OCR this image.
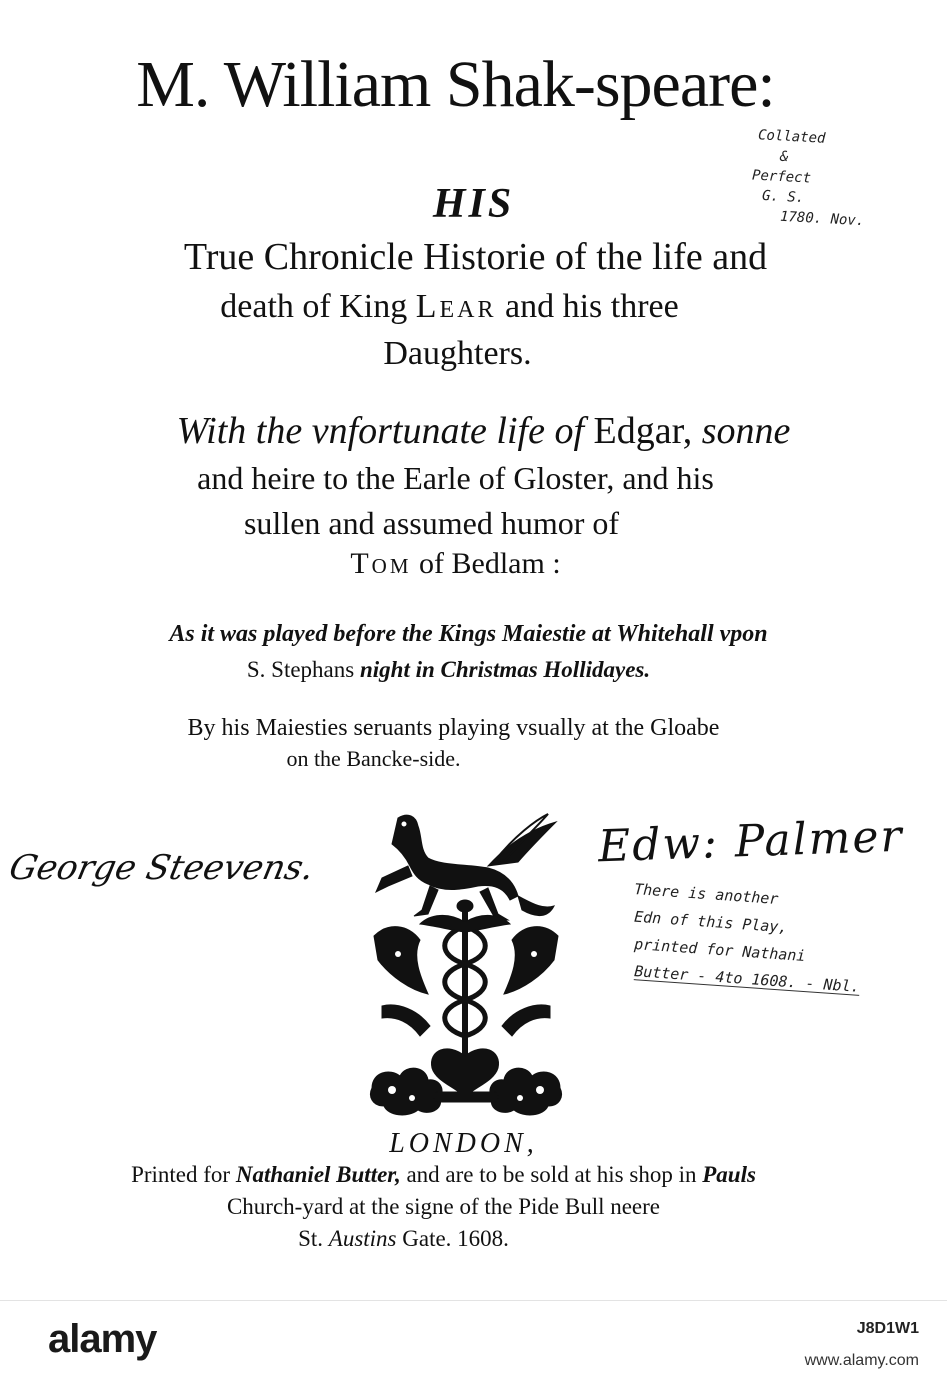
M. William Shak-speare:
HIS
True Chronicle Historie of the life and
death of King Lear and his three
Daughters.
With the vnfortunate life of Edgar, sonne
and heire to the Earle of Gloster, and his
sullen and assumed humor of
Tom of Bedlam :
As it was played before the Kings Maiestie at Whitehall vpon
S. Stephans night in Christmas Hollidayes.
By his Maiesties seruants playing vsually at the Gloabe
on the Bancke-side.
George Steevens.	Edw: Palmer
There is another
Edn of this Play,
printed for Nathani
Butter - 4to 1608. - Nbl.
Collated
&
Perfect
G. S.
1780. Nov.
LONDON,
Printed for Nathaniel Butter, and are to be sold at his shop in Pauls
Church-yard at the signe of the Pide Bull neere
St. Austins Gate. 1608.
alamy	J8D1W1
www.alamy.com
